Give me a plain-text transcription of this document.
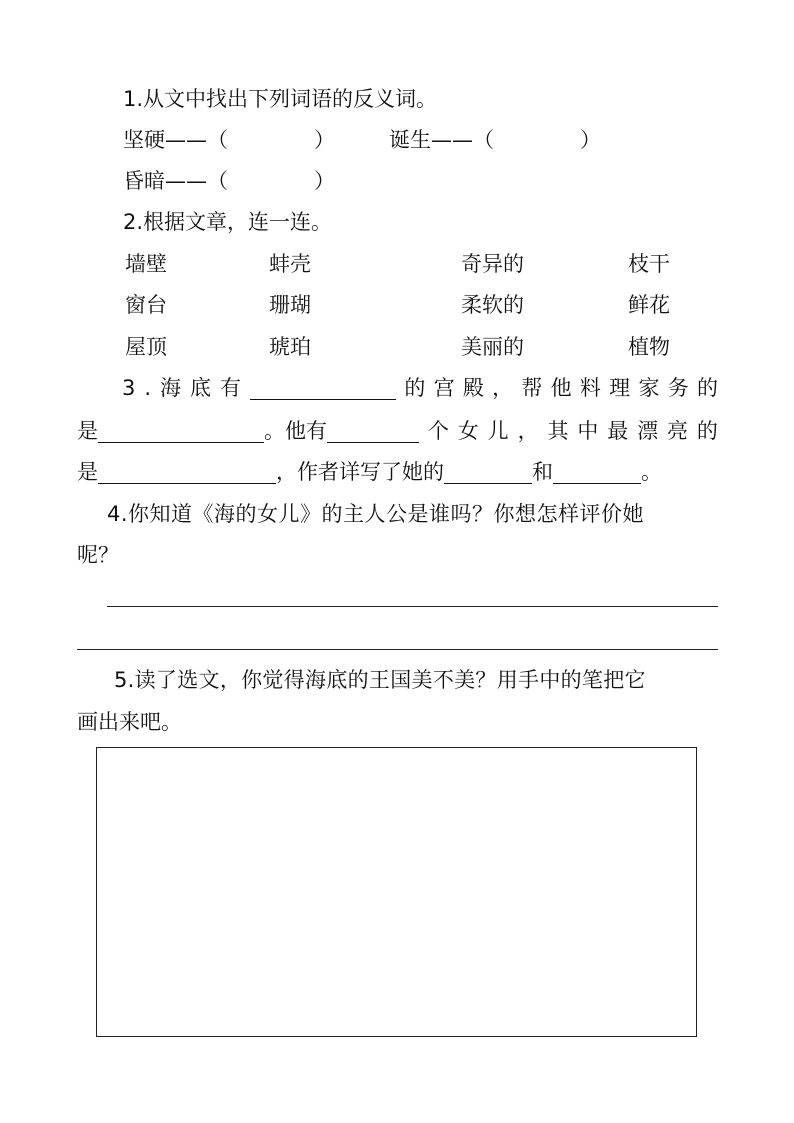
1.从文中找出下列词语的反义词。
坚硬——（	）	诞生——（	）
昏暗——（	）
2.根据文章，连一连。
墙壁	蚌壳	奇异的	枝干
窗台	珊瑚	柔软的	鲜花
屋顶	琥珀	美丽的	植物
3.海底有	的 宫 殿 ， 帮 他 料 理 家 务 的
是	。他有	个 女 儿 ， 其 中 最 漂 亮 的
是	，作者详写了她的	和	。
4.你知道《海的女儿》的主人公是谁吗？你想怎样评价她
呢？
5.读了选文，你觉得海底的王国美不美？用手中的笔把它
画出来吧。
